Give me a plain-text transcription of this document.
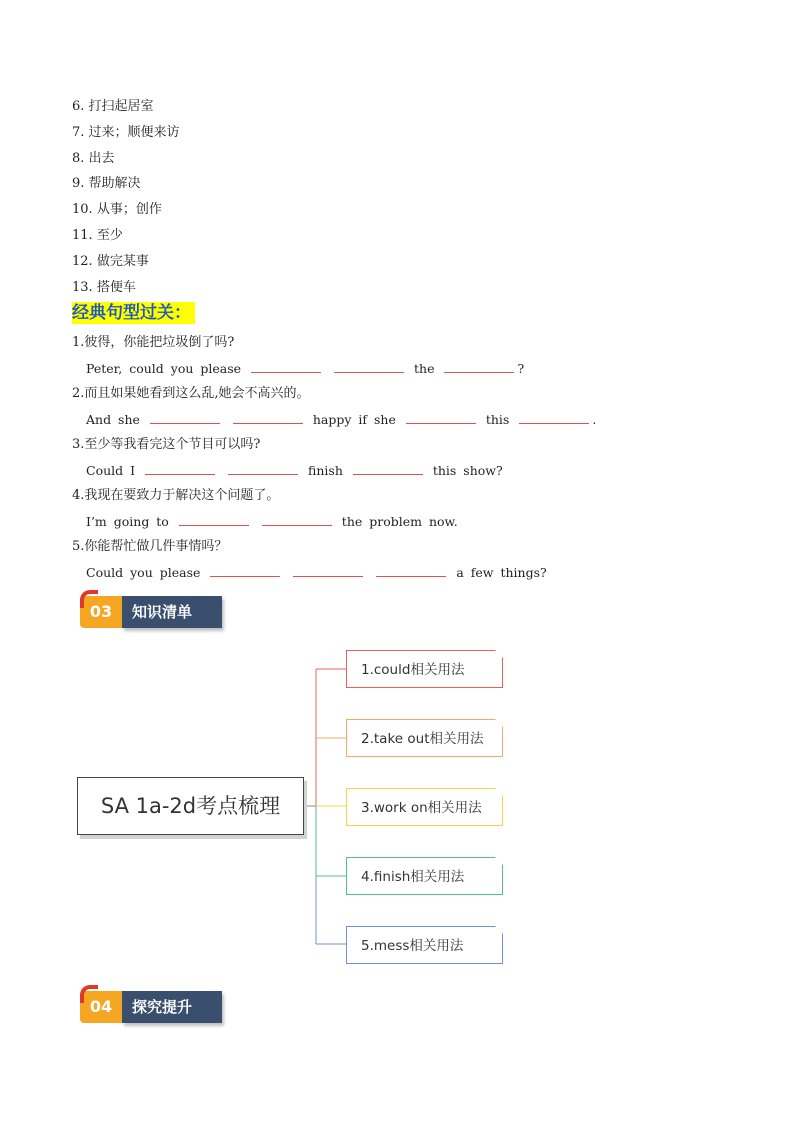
6. 打扫起居室
7. 过来；顺便来访
8. 出去
9. 帮助解决
10. 从事；创作
11. 至少
12. 做完某事
13. 搭便车
经典句型过关：
1.彼得，你能把垃圾倒了吗?
Peter, could you please	the	?
2.而且如果她看到这么乱,她会不高兴的。
And she	happy if she	this	.
3.至少等我看完这个节目可以吗?
Could I	finish	this show?
4.我现在要致力于解决这个问题了。
I’m going to	the problem now.
5.你能帮忙做几件事情吗？
Could you please	a few things?
03	知识清单
SA 1a-2d考点梳理
1.could相关用法
2.take out相关用法
3.work on相关用法
4.finish相关用法
5.mess相关用法
04	探究提升
